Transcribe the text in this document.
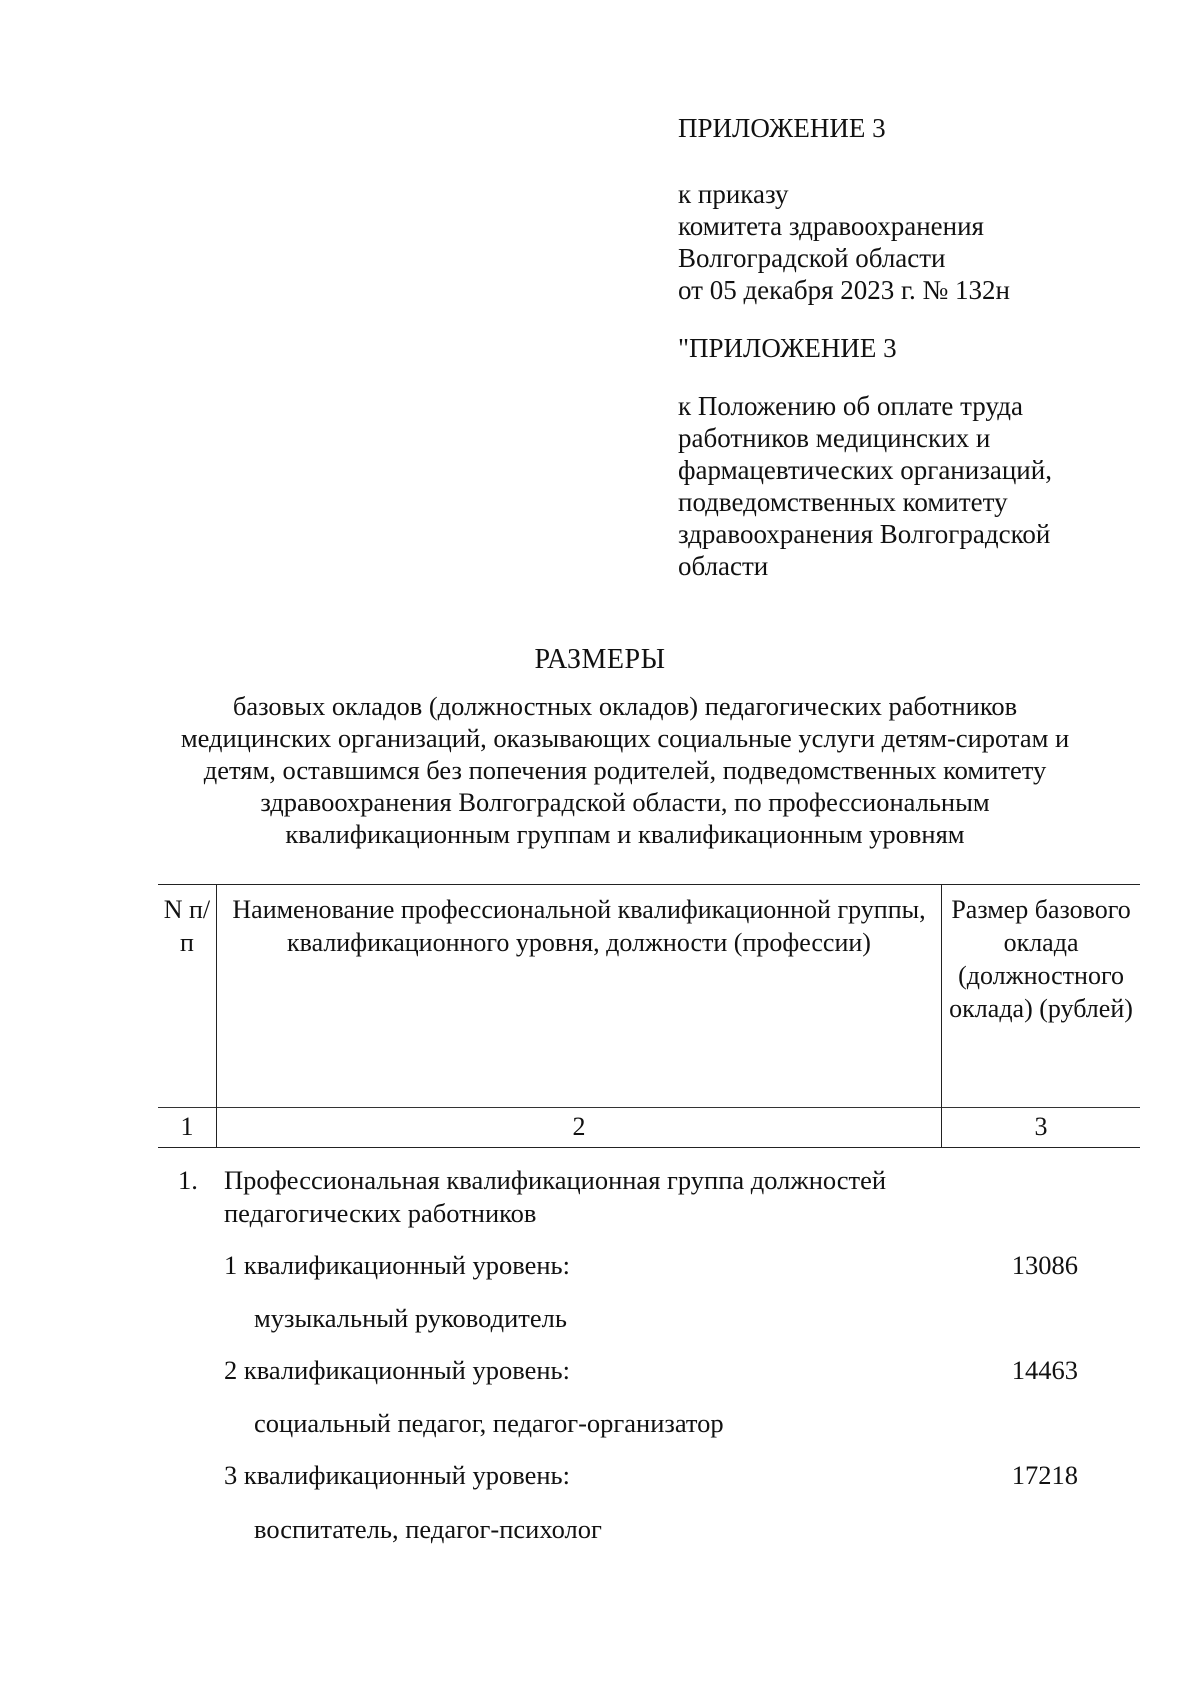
ПРИЛОЖЕНИЕ 3
к приказу
комитета здравоохранения
Волгоградской области
от 05 декабря 2023 г. № 132н
"ПРИЛОЖЕНИЕ 3
к Положению об оплате труда
работников медицинских и
фармацевтических организаций,
подведомственных комитету
здравоохранения Волгоградской
области
РАЗМЕРЫ
базовых окладов (должностных окладов) педагогических работников
медицинских организаций, оказывающих социальные услуги детям-сиротам и
детям, оставшимся без попечения родителей, подведомственных комитету
здравоохранения Волгоградской области, по профессиональным
квалификационным группам и квалификационным уровням
N п/п	Наименование профессиональной квалификационной группы, квалификационного уровня, должности (профессии)	Размер базового оклада (должностного оклада) (рублей)
1	2	3
1. Профессиональная квалификационная группа должностей
педагогических работников
1 квалификационный уровень:	13086
музыкальный руководитель
2 квалификационный уровень:	14463
социальный педагог, педагог-организатор
3 квалификационный уровень:	17218
воспитатель, педагог-психолог
